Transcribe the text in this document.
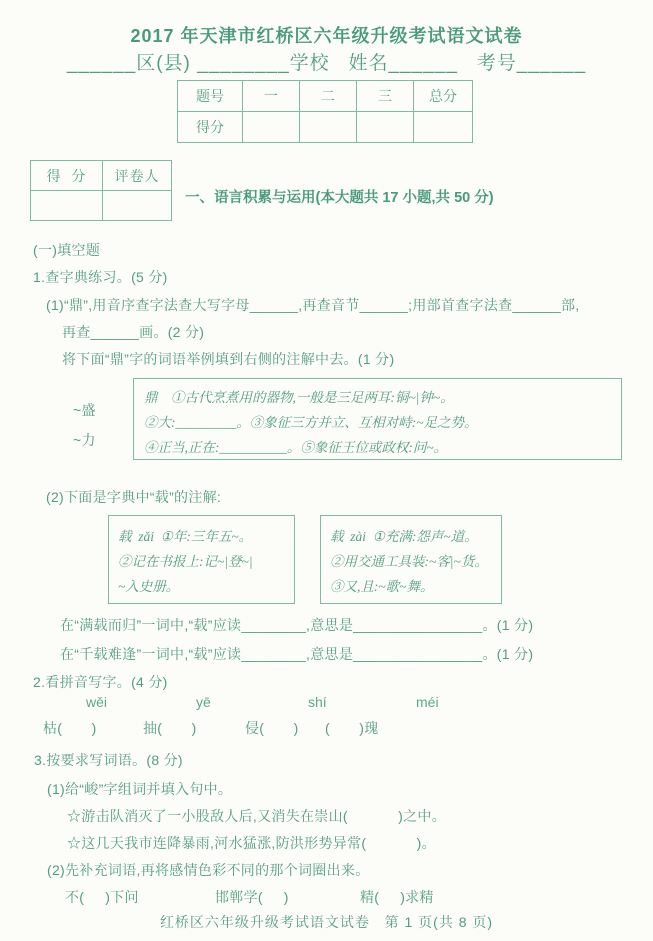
2017 年天津市红桥区六年级升级考试语文试卷
______区(县) ________学校   姓名______   考号______
题号	一	二	三	总分
得分				
得  分	评卷人

一、语言积累与运用(本大题共 17 小题,共 50 分)
(一)填空题
1.查字典练习。(5 分)
(1)“鼎”,用音序查字法查大写字母______,再查音节______;用部首查字法查______部,
再查______画。(2 分)
将下面“鼎”字的词语举例填到右侧的注解中去。(1 分)
~盛
~力
鼎    ①古代烹煮用的器物,一般是三足两耳:铜~|钟~。
②大:_________。③象征三方并立、互相对峙:~足之势。
④正当,正在:__________。⑤象征王位或政权:问~。
(2)下面是字典中“载”的注解:
载  zǎi  ①年:三年五~。
②记在书报上:记~|登~|
~入史册。
载  zài  ①充满:怨声~道。
②用交通工具装:~客|~货。
③又,且:~歌~舞。
在“满载而归”一词中,“载”应读________,意思是________________。(1 分)
在“千载难逢”一词中,“载”应读________,意思是________________。(1 分)
2.看拼音写字。(4 分)
wěi	yē	shí	méi
枯(       )	抽(       )	侵(       ) (       )瑰
3.按要求写词语。(8 分)
(1)给“峻”字组词并填入句中。
☆游击队消灭了一小股敌人后,又消失在崇山(            )之中。
☆这几天我市连降暴雨,河水猛涨,防洪形势异常(            )。
(2)先补充词语,再将感情色彩不同的那个词圈出来。
不(     )下问	邯郸学(     )	精(     )求精
红桥区六年级升级考试语文试卷   第 1 页(共 8 页)
